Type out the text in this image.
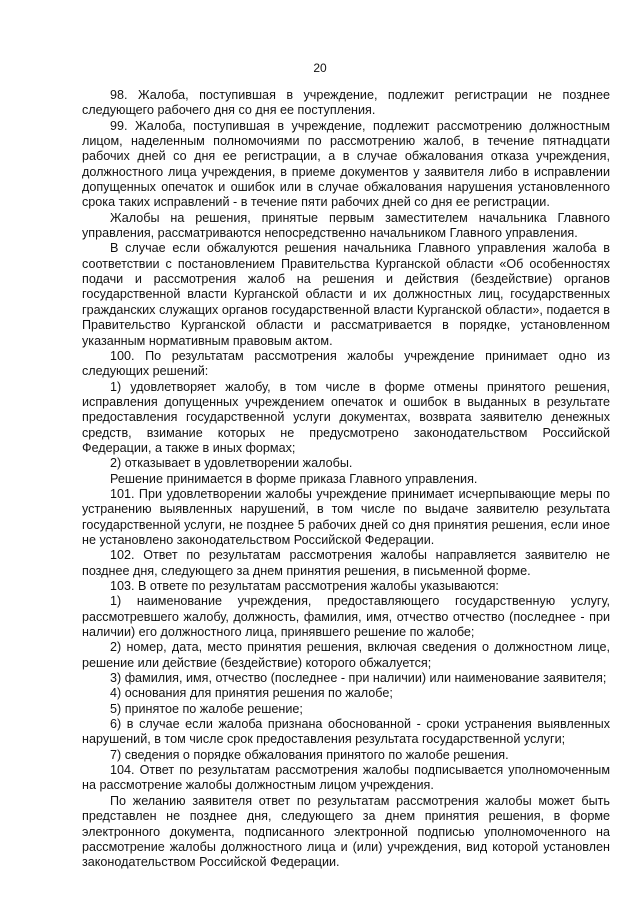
20

98. Жалоба, поступившая в учреждение, подлежит регистрации не позднее следующего рабочего дня со дня ее поступления.

99. Жалоба, поступившая в учреждение, подлежит рассмотрению должностным лицом, наделенным полномочиями по рассмотрению жалоб, в течение пятнадцати рабочих дней со дня ее регистрации, а в случае обжалования отказа учреждения, должностного лица учреждения, в приеме документов у заявителя либо в исправлении допущенных опечаток и ошибок или в случае обжалования нарушения установленного срока таких исправлений - в течение пяти рабочих дней со дня ее регистрации.

Жалобы на решения, принятые первым заместителем начальника Главного управления, рассматриваются непосредственно начальником Главного управления.

В случае если обжалуются решения начальника Главного управления жалоба в соответствии с постановлением Правительства Курганской области «Об особенностях подачи и рассмотрения жалоб на решения и действия (бездействие) органов государственной власти Курганской области и их должностных лиц, государственных гражданских служащих органов государственной власти Курганской области», подается в Правительство Курганской области и рассматривается в порядке, установленном указанным нормативным правовым актом.

100. По результатам рассмотрения жалобы учреждение принимает одно из следующих решений:

1) удовлетворяет жалобу, в том числе в форме отмены принятого решения, исправления допущенных учреждением опечаток и ошибок в выданных в результате предоставления государственной услуги документах, возврата заявителю денежных средств, взимание которых не предусмотрено законодательством Российской Федерации, а также в иных формах;

2) отказывает в удовлетворении жалобы.

Решение принимается в форме приказа Главного управления.

101. При удовлетворении жалобы учреждение принимает исчерпывающие меры по устранению выявленных нарушений, в том числе по выдаче заявителю результата государственной услуги, не позднее 5 рабочих дней со дня принятия решения, если иное не установлено законодательством Российской Федерации.

102. Ответ по результатам рассмотрения жалобы направляется заявителю не позднее дня, следующего за днем принятия решения, в письменной форме.

103. В ответе по результатам рассмотрения жалобы указываются:

1) наименование учреждения, предоставляющего государственную услугу, рассмотревшего жалобу, должность, фамилия, имя, отчество отчество (последнее - при наличии) его должностного лица, принявшего решение по жалобе;

2) номер, дата, место принятия решения, включая сведения о должностном лице, решение или действие (бездействие) которого обжалуется;

3) фамилия, имя, отчество (последнее - при наличии) или наименование заявителя;

4) основания для принятия решения по жалобе;

5) принятое по жалобе решение;

6) в случае если жалоба признана обоснованной - сроки устранения выявленных нарушений, в том числе срок предоставления результата государственной услуги;

7) сведения о порядке обжалования принятого по жалобе решения.

104. Ответ по результатам рассмотрения жалобы подписывается уполномоченным на рассмотрение жалобы должностным лицом учреждения.

По желанию заявителя ответ по результатам рассмотрения жалобы может быть представлен не позднее дня, следующего за днем принятия решения, в форме электронного документа, подписанного электронной подписью уполномоченного на рассмотрение жалобы должностного лица и (или) учреждения, вид которой установлен законодательством Российской Федерации.
